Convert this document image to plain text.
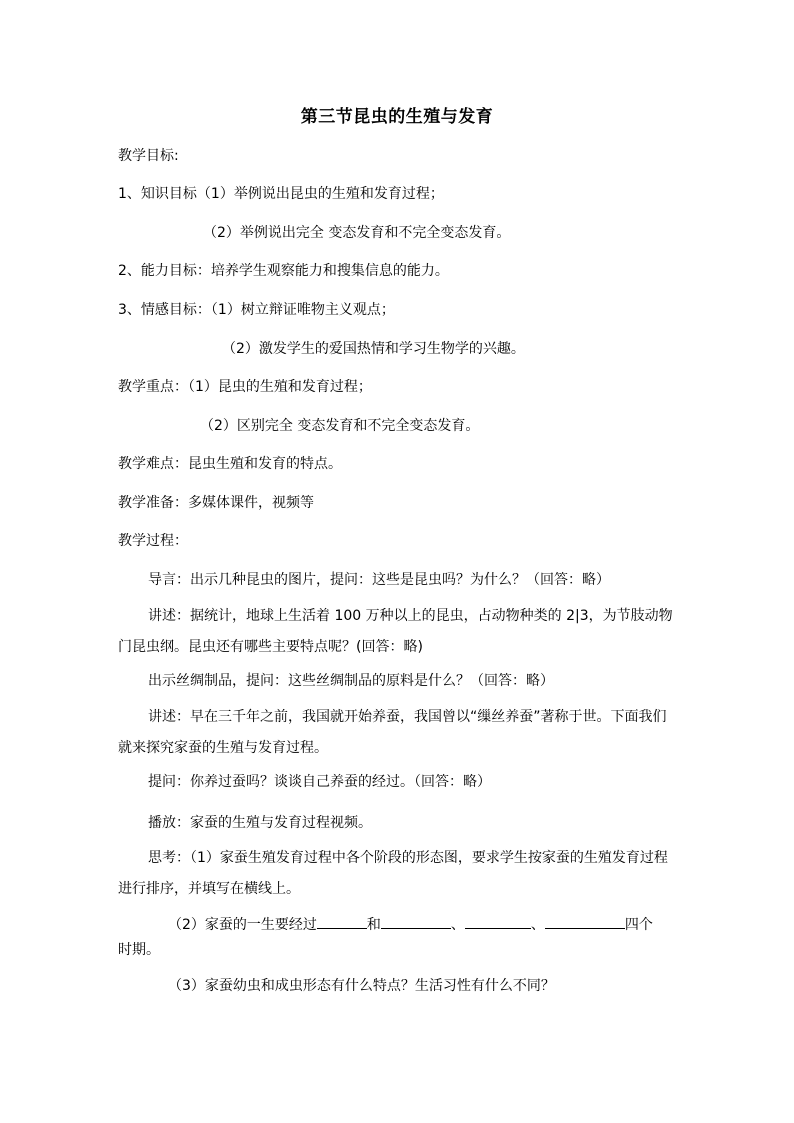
第三节昆虫的生殖与发育
教学目标:
1、知识目标（1）举例说出昆虫的生殖和发育过程；
（2）举例说出完全 变态发育和不完全变态发育。
2、能力目标：培养学生观察能力和搜集信息的能力。
3、情感目标：（1）树立辩证唯物主义观点；
（2）激发学生的爱国热情和学习生物学的兴趣。
教学重点：（1）昆虫的生殖和发育过程；
（2）区别完全 变态发育和不完全变态发育。
教学难点：昆虫生殖和发育的特点。
教学准备：多媒体课件，视频等
教学过程：
导言：出示几种昆虫的图片，提问：这些是昆虫吗？为什么？（回答：略）
讲述：据统计，地球上生活着 100 万种以上的昆虫，占动物种类的 2|3，为节肢动物门昆虫纲。昆虫还有哪些主要特点呢？(回答：略)
出示丝绸制品，提问：这些丝绸制品的原料是什么？（回答：略）
讲述：早在三千年之前，我国就开始养蚕，我国曾以“缫丝养蚕”著称于世。下面我们就来探究家蚕的生殖与发育过程。
提问：你养过蚕吗？谈谈自己养蚕的经过。（回答：略）
播放：家蚕的生殖与发育过程视频。
思考：（1）家蚕生殖发育过程中各个阶段的形态图，要求学生按家蚕的生殖发育过程进行排序，并填写在横线上。
（2）家蚕的一生要经过	和	、	、	四个
时期。
（3）家蚕幼虫和成虫形态有什么特点？生活习性有什么不同？
